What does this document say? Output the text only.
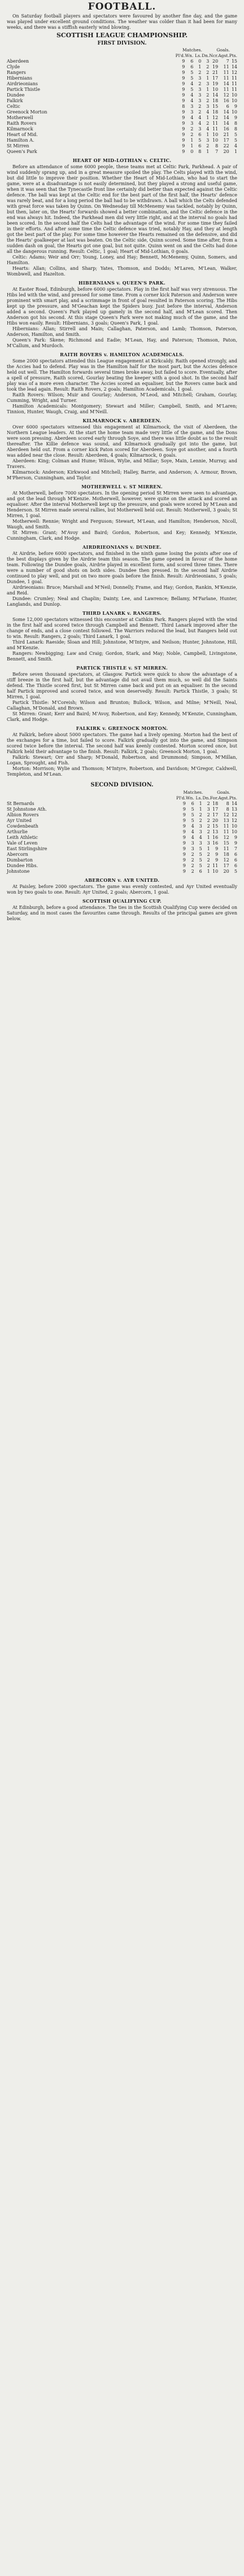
FOOTBALL.

On Saturday football players and spectators were favoured by another fine day, and the game was played under excellent ground conditions. The weather was colder than it had been for many weeks, and there was a stiffish easterly wind blowing.

SCOTTISH LEAGUE CHAMPIONSHIP.
FIRST DIVISION.
	Matches.				Goals.		
	Pl'd.	Wn.	Ls.	Dn.	Ncr.	Agst.	Pts.
Aberdeen	9	6	0	3	20	7	15
Clyde	9	6	1	2	19	11	14
Rangers	9	5	2	2	21	11	12
Hibernians	9	5	3	1	17	11	11
Airdrieonians	9	4	2	3	19	14	11
Partick Thistle	9	5	3	1	10	11	11
Dundee	9	4	3	2	14	12	10
Falkirk	9	4	3	2	18	16	10
Celtic	8	3	2	3	15	6	9
Greenock Morton	9	3	2	4	18	14	10
Motherwell	9	4	4	1	12	14	9
Raith Rovers	9	3	4	2	11	14	8
Kilmarnock	9	2	3	4	11	16	8
Heart of Mid.	9	2	6	1	10	21	5
Hamilton A.	9	1	5	3	10	17	5
St Mirren	9	1	6	2	8	22	4
Queen's Park	9	0	8	1	7	20	1
HEART OF MID-LOTHIAN v. CELTIC.

Before an attendance of some 6000 people, these teams met at Celtic Park, Parkhead. A pair of wind suddenly sprang up, and in a great measure spoiled the play. The Celts played with the wind, but did little to improve their position. Whether the Heart of Mid-Lothian, who had to start the game, were at a disadvantage is not easily determined, but they played a strong and useful game, when it was seen that the Tynecastle front line certainly did better than expected against the Celtic defence. The ball was kept at the Celtic end for the best part of the first half, the Hearts' defence was rarely beat, and for a long period the ball had to be withdrawn. A ball which the Celts defended with great force was taken by Quinn. On Wednesday till McMenemy was tackled, notably by Quinn, but then, later on, the Hearts' forwards showed a better combination, and the Celtic defence in the end was always hit. Indeed, the Parkhead men did very little right, and at the interval no goals had been scored. In the second half the Celts had the advantage of the wind. For some time they failed in their efforts. And after some time the Celtic defence was tried, notably Hay, and they at length got the best part of the play. For some time however the Hearts remained on the defensive, and did the Hearts' goalkeeper at last was beaten. On the Celtic side, Quinn scored. Some time after, from a sudden dash on goal, the Hearts got one goal, but not quite. Quinn went on and the Celts had done all the dangerous running. Result: Celtic, 1 goal; Heart of Mid-Lothian, 0 goals.

Celtic: Adams; Weir and Orr; Young, Loney, and Hay; Bennett, McMenemy, Quinn, Somers, and Hamilton.

Hearts: Allan; Collins, and Sharp; Yates, Thomson, and Dodds; M'Laren, M'Lean, Walker, Wombwell, and Hazelton.

HIBERNIANS v. QUEEN'S PARK.

At Easter Road, Edinburgh, before 6000 spectators. Play in the first half was very strenuous. The Hibs led with the wind, and pressed for some time. From a corner kick Paterson and Anderson were prominent with smart play, and a scrimmage in front of goal resulted in Paterson scoring. The Hibs kept up the pressure, and M'Geachan kept the Spiders busy. Just before the interval, Anderson added a second. Queen's Park played up gamely in the second half, and M'Lean scored. Then Anderson got his second. At this stage Queen's Park were not making much of the game, and the Hibs won easily. Result: Hibernians, 3 goals; Queen's Park, 1 goal.

Hibernians: Allan; Stirrell and Main; Callaghan, Paterson, and Lamb; Thomson, Paterson, Anderson, Hamilton, and Smith.

Queen's Park: Skene; Richmond and Eadie; M'Lean, Hay, and Paterson; Thomson, Paton, M'Callum, and Murdoch.

RAITH ROVERS v. HAMILTON ACADEMICALS.

Some 2000 spectators attended this League engagement at Kirkcaldy. Raith opened strongly, and the Accies had to defend. Play was in the Hamilton half for the most part, but the Accies defence held out well. The Hamilton forwards several times broke away, but failed to score. Eventually, after a spell of pressure, Raith scored, Gourlay beating the keeper with a good shot. In the second half play was of a more even character. The Accies scored an equaliser, but the Rovers came back and took the lead again. Result: Raith Rovers, 2 goals; Hamilton Academicals, 1 goal.

Raith Rovers: Wilson; Muir and Gourlay; Anderson, M'Leod, and Mitchell; Graham, Gourlay, Cumming, Wright, and Turner.

Hamilton Academicals: Montgomery; Stewart and Miller; Campbell, Smith, and M'Laren; Tinnion, Hunter, Waugh, Craig, and M'Neill.

KILMARNOCK v. ABERDEEN.

Over 6000 spectators witnessed this engagement at Kilmarnock, the visit of Aberdeen, the Northern League leaders. At the start the home team made very little of the game, and the Dons were soon pressing. Aberdeen scored early through Soye, and there was little doubt as to the result thereafter. The Killie defence was sound, and Kilmarnock gradually got into the game, but Aberdeen held out. From a corner kick Paton scored for Aberdeen. Soye got another, and a fourth was added near the close. Result: Aberdeen, 4 goals; Kilmarnock, 0 goals.

Aberdeen: King; Colman and Hume; Wilson, Wylie, and Millar; Soye, Main, Lennie, Murray, and Travers.

Kilmarnock: Anderson; Kirkwood and Mitchell; Halley, Barrie, and Anderson; A. Armour, Brown, M'Pherson, Cunningham, and Taylor.

MOTHERWELL v. ST MIRREN.

At Motherwell, before 7000 spectators. In the opening period St Mirren were seen to advantage, and got the lead through M'Kenzie. Motherwell, however, were quite on the attack and scored an equaliser. After the interval Motherwell kept up the pressure, and goals were scored by M'Lean and Henderson. St Mirren made several rallies, but Motherwell held out. Result: Motherwell, 3 goals; St Mirren, 1 goal.

Motherwell: Rennie; Wright and Ferguson; Stewart, M'Lean, and Hamilton; Henderson, Nicoll, Waugh, and Smith.

St Mirren: Grant; M'Avoy and Baird; Gordon, Robertson, and Key; Kennedy, M'Kenzie, Cunningham, Clark, and Hodge.

AIRDRIEONIANS v. DUNDEE.

At Airdrie, before 6000 spectators, and finished in the ninth game losing the points after one of the best displays given by the Airdrie team this season. The game opened in favour of the home team. Following the Dundee goals, Airdrie played in excellent form, and scored three times. There were a number of good shots on both sides. Dundee then pressed. In the second half Airdrie continued to play well, and put on two more goals before the finish. Result: Airdrieonians, 5 goals; Dundee, 1 goal.

Airdrieonians: Bruce; Marshall and M'Neil; Donnelly, Frame, and Hay; Gordon, Rankin, M'Kenzie, and Reid.

Dundee: Crumley; Neal and Chaplin; Dainty, Lee, and Lawrence; Bellamy, M'Farlane, Hunter, Langlands, and Dunlop.

THIRD LANARK v. RANGERS.

Some 12,000 spectators witnessed this encounter at Cathkin Park. Rangers played with the wind in the first half and scored twice through Campbell and Bennett. Third Lanark improved after the change of ends, and a close contest followed. The Warriors reduced the lead, but Rangers held out to win. Result: Rangers, 2 goals; Third Lanark, 1 goal.

Third Lanark: Raeside; Sloan and Hill; Johnstone, M'Intyre, and Neilson; Hunter, Johnstone, Hill, and M'Kenzie.

Rangers: Newbigging; Law and Craig; Gordon, Stark, and May; Noble, Campbell, Livingstone, Bennett, and Smith.

PARTICK THISTLE v. ST MIRREN.

Before seven thousand spectators, at Glasgow. Partick were quick to show the advantage of a stiff breeze in the first half, but the advantage did not avail them much, so well did the Saints defend. The Thistle scored first, but St Mirren came back and put on an equaliser. In the second half Partick improved and scored twice, and won deservedly. Result: Partick Thistle, 3 goals; St Mirren, 1 goal.

Partick Thistle: M'Coreish; Wilson and Brunton; Bullock, Wilson, and Milne; M'Neill, Neal, Callaghan, M'Donald, and Brown.

St Mirren: Grant; Kerr and Baird; M'Avoy, Robertson, and Key; Kennedy, M'Kenzie, Cunningham, Clark, and Hodge.

FALKIRK v. GREENOCK MORTON.

At Falkirk, before about 5000 spectators. The game had a lively opening. Morton had the best of the exchanges for a time, but failed to score. Falkirk gradually got into the game, and Simpson scored twice before the interval. The second half was keenly contested. Morton scored once, but Falkirk held their advantage to the finish. Result: Falkirk, 2 goals; Greenock Morton, 1 goal.

Falkirk: Stewart; Orr and Sharp; M'Donald, Robertson, and Drummond; Simpson, M'Millan, Logan, Sprought, and Fish.

Morton: Morrison; Wylie and Thomson; M'Intyre, Robertson, and Davidson; M'Gregor, Caldwell, Templeton, and M'Lean.

SECOND DIVISION.
	Matches.				Goals.		
	Pl'd.	Wn.	Ls.	Dn.	For.	Agst.	Pts.
St Bernards	9	6	1	2	18	8	14
St Johnstone Ath.	9	5	1	3	17	8	13
Albion Rovers	9	5	2	2	17	12	12
Ayr United	9	5	2	2	20	13	12
Cowdenbeath	9	4	3	2	15	11	10
Arthurlie	9	4	3	2	13	11	10
Leith Athletic	9	4	4	1	16	12	9
Vale of Leven	9	3	3	3	16	15	9
East Stirlingshire	9	3	5	1	9	11	7
Abercorn	9	2	5	2	9	18	6
Dumbarton	9	2	5	2	9	12	6
Dundee Hibs.	9	2	5	2	11	17	6
Johnstone	9	2	6	1	10	20	5
ABERCORN v. AYR UNITED.

At Paisley, before 2000 spectators. The game was evenly contested, and Ayr United eventually won by two goals to one. Result: Ayr United, 2 goals; Abercorn, 1 goal.

SCOTTISH QUALIFYING CUP.

At Edinburgh, before a good attendance. The ties in the Scottish Qualifying Cup were decided on Saturday, and in most cases the favourites came through. Results of the principal games are given below.
